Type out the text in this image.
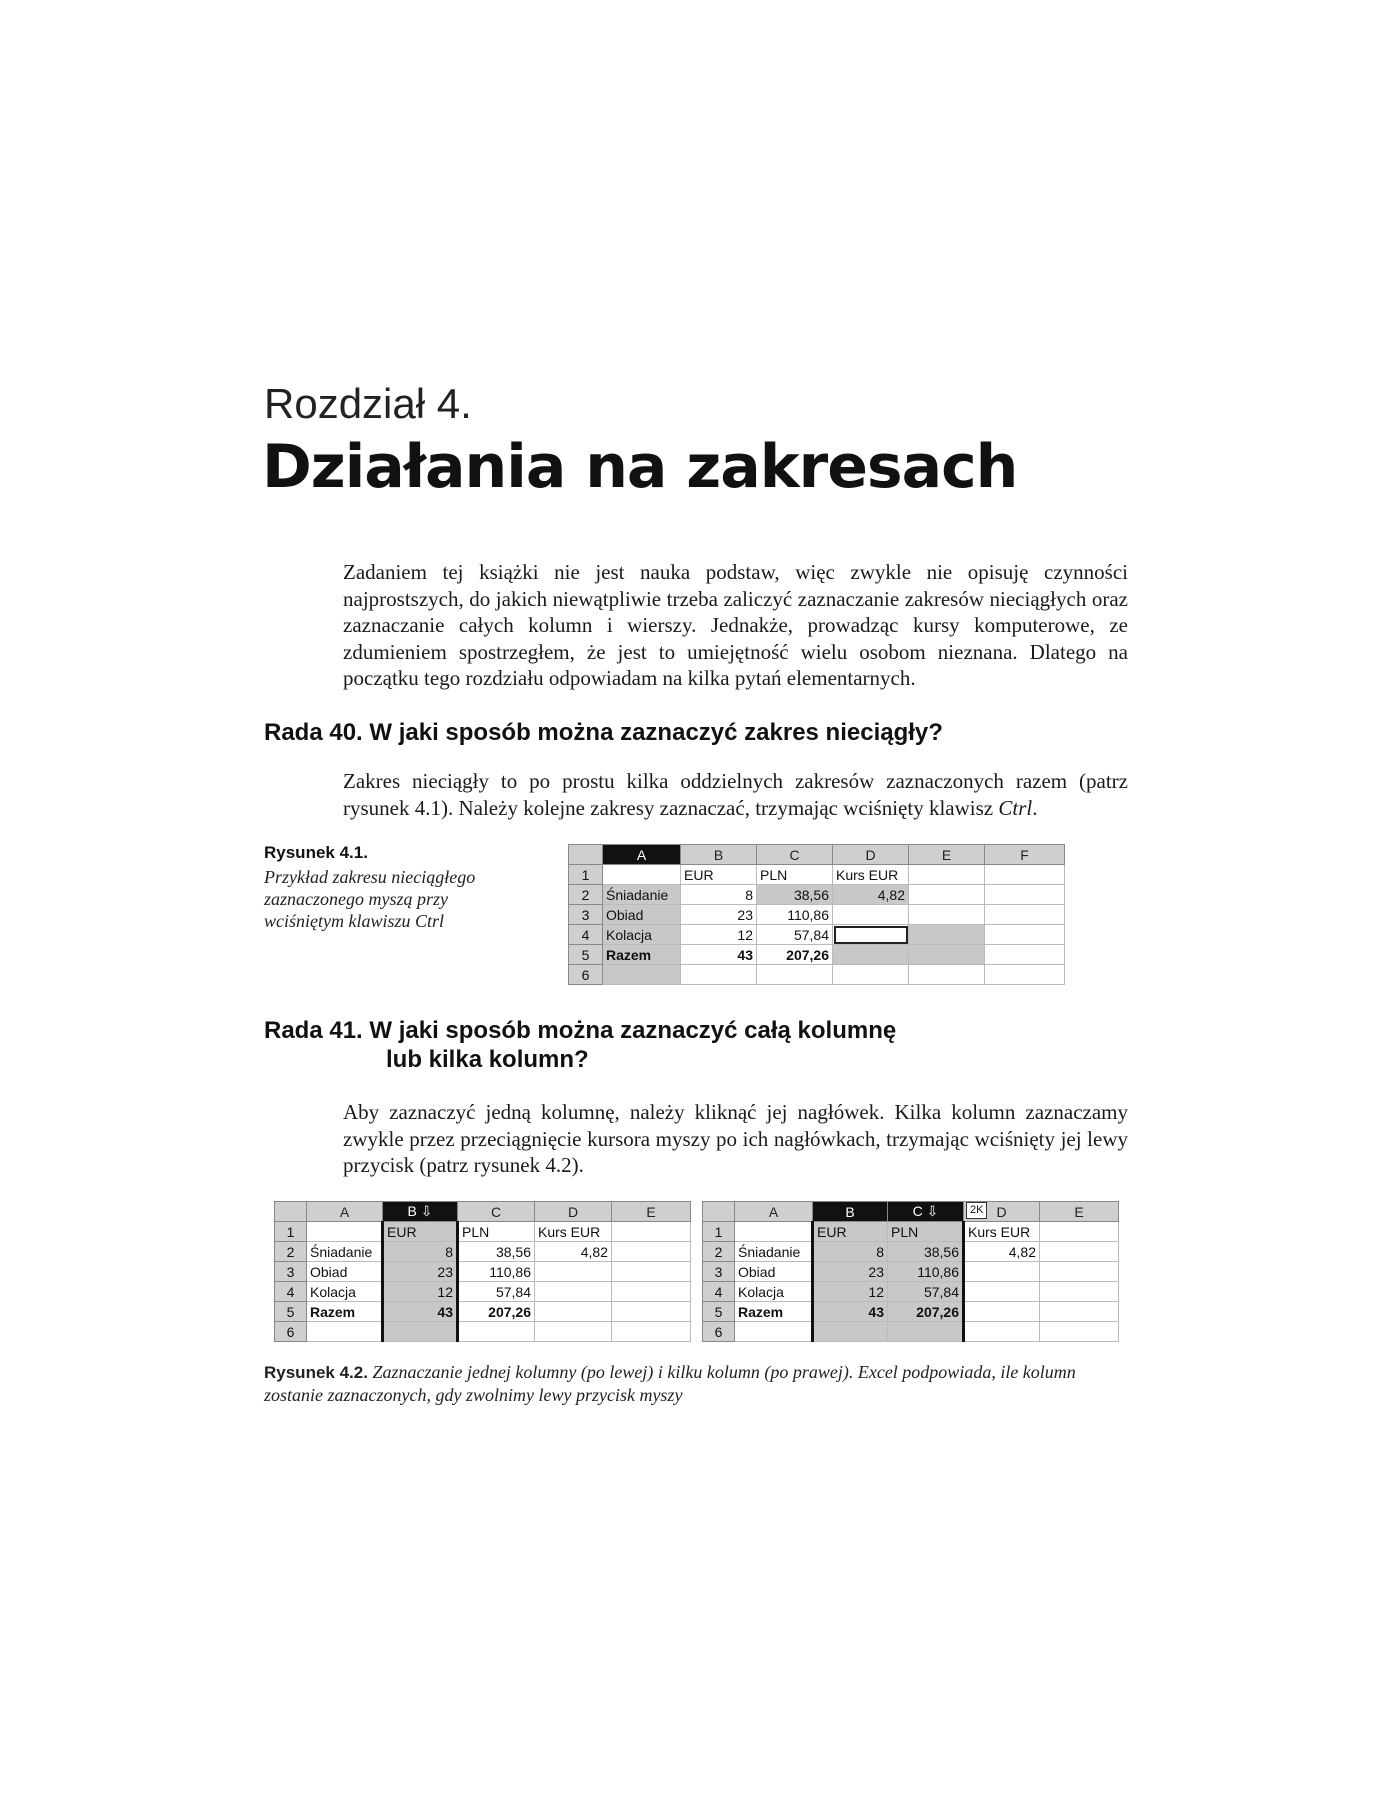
Rozdział 4.
Działania na zakresach
Zadaniem tej książki nie jest nauka podstaw, więc zwykle nie opisuję czynności najprostszych, do jakich niewątpliwie trzeba zaliczyć zaznaczanie zakresów nieciągłych oraz zaznaczanie całych kolumn i wierszy. Jednakże, prowadząc kursy komputerowe, ze zdumieniem spostrzegłem, że jest to umiejętność wielu osobom nieznana. Dlatego na początku tego rozdziału odpowiadam na kilka pytań elementarnych.
Rada 40. W jaki sposób można zaznaczyć zakres nieciągły?
Zakres nieciągły to po prostu kilka oddzielnych zakresów zaznaczonych razem (patrz rysunek 4.1). Należy kolejne zakresy zaznaczać, trzymając wciśnięty klawisz Ctrl.
Rysunek 4.1.
Przykład zakresu nieciągłego zaznaczonego myszą przy wciśniętym klawiszu Ctrl
	A	B	C	D	E	F
1		EUR	PLN	Kurs EUR		
2	Śniadanie	8	38,56	4,82		
3	Obiad	23	110,86			
4	Kolacja	12	57,84			
5	Razem	43	207,26			
6						
Rada 41. W jaki sposób można zaznaczyć całą kolumnę
lub kilka kolumn?
Aby zaznaczyć jedną kolumnę, należy kliknąć jej nagłówek. Kilka kolumn zaznaczamy zwykle przez przeciągnięcie kursora myszy po ich nagłówkach, trzymając wciśnięty jej lewy przycisk (patrz rysunek 4.2).
	A	B ⇩	C	D	E
1		EUR	PLN	Kurs EUR	
2	Śniadanie	8	38,56	4,82	
3	Obiad	23	110,86		
4	Kolacja	12	57,84		
5	Razem	43	207,26		
6					
	A	B	C ⇩	D	E
1		EUR	PLN	Kurs EUR	
2	Śniadanie	8	38,56	4,82	
3	Obiad	23	110,86		
4	Kolacja	12	57,84		
5	Razem	43	207,26		
6					
2K
Rysunek 4.2. Zaznaczanie jednej kolumny (po lewej) i kilku kolumn (po prawej). Excel podpowiada, ile kolumn zostanie zaznaczonych, gdy zwolnimy lewy przycisk myszy
